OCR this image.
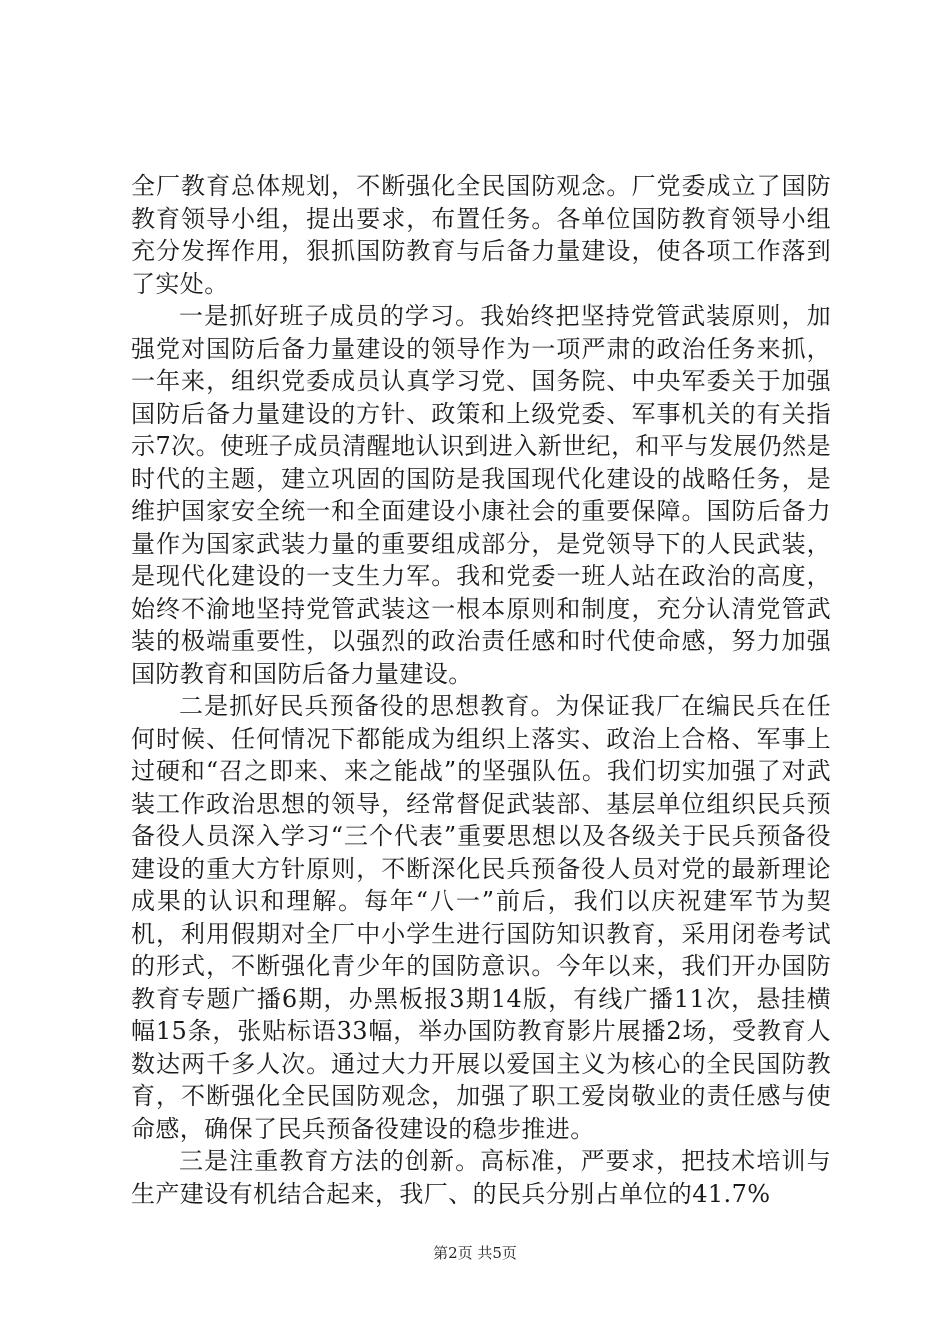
全厂教育总体规划，不断强化全民国防观念。厂党委成立了国防教育领导小组，提出要求，布置任务。各单位国防教育领导小组充分发挥作用，狠抓国防教育与后备力量建设，使各项工作落到了实处。

一是抓好班子成员的学习。我始终把坚持党管武装原则，加强党对国防后备力量建设的领导作为一项严肃的政治任务来抓，一年来，组织党委成员认真学习党、国务院、中央军委关于加强国防后备力量建设的方针、政策和上级党委、军事机关的有关指示7次。使班子成员清醒地认识到进入新世纪，和平与发展仍然是时代的主题，建立巩固的国防是我国现代化建设的战略任务，是维护国家安全统一和全面建设小康社会的重要保障。国防后备力量作为国家武装力量的重要组成部分，是党领导下的人民武装，是现代化建设的一支生力军。我和党委一班人站在政治的高度，始终不渝地坚持党管武装这一根本原则和制度，充分认清党管武装的极端重要性，以强烈的政治责任感和时代使命感，努力加强国防教育和国防后备力量建设。

二是抓好民兵预备役的思想教育。为保证我厂在编民兵在任何时候、任何情况下都能成为组织上落实、政治上合格、军事上过硬和“召之即来、来之能战”的坚强队伍。我们切实加强了对武装工作政治思想的领导，经常督促武装部、基层单位组织民兵预备役人员深入学习“三个代表”重要思想以及各级关于民兵预备役建设的重大方针原则，不断深化民兵预备役人员对党的最新理论成果的认识和理解。每年“八一”前后，我们以庆祝建军节为契机，利用假期对全厂中小学生进行国防知识教育，采用闭卷考试的形式，不断强化青少年的国防意识。今年以来，我们开办国防教育专题广播6期，办黑板报3期14版，有线广播11次，悬挂横幅15条，张贴标语33幅，举办国防教育影片展播2场，受教育人数达两千多人次。通过大力开展以爱国主义为核心的全民国防教育，不断强化全民国防观念，加强了职工爱岗敬业的责任感与使命感，确保了民兵预备役建设的稳步推进。

三是注重教育方法的创新。高标准，严要求，把技术培训与生产建设有机结合起来，我厂、的民兵分别占单位的41.7%

第2页 共5页
